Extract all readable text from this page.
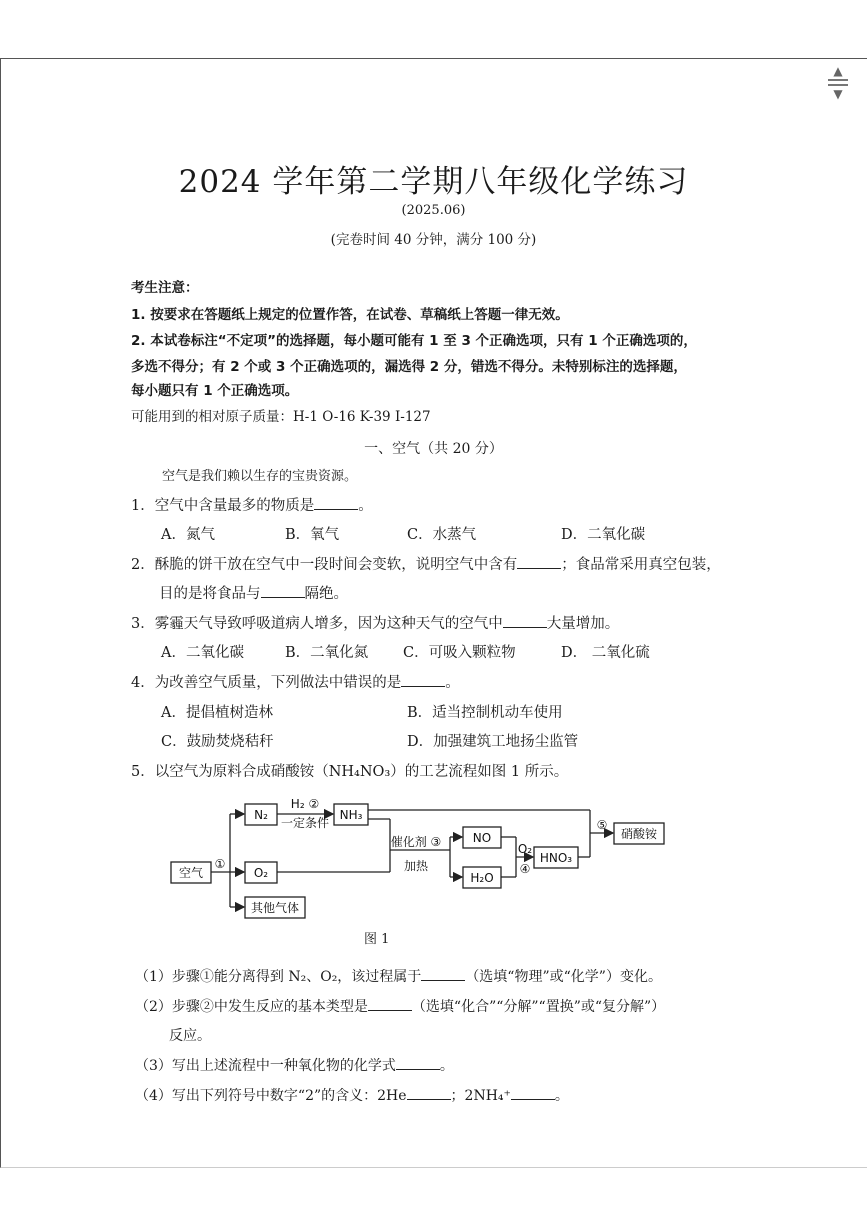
▲
▼
2024 学年第二学期八年级化学练习
(2025.06)
(完卷时间 40 分钟，满分 100 分)
考生注意：
1. 按要求在答题纸上规定的位置作答，在试卷、草稿纸上答题一律无效。
2. 本试卷标注“不定项”的选择题，每小题可能有 1 至 3 个正确选项，只有 1 个正确选项的，
多选不得分；有 2 个或 3 个正确选项的，漏选得 2 分，错选不得分。未特别标注的选择题，
每小题只有 1 个正确选项。
可能用到的相对原子质量：H-1 O-16 K-39 I-127
一、空气（共 20 分）
空气是我们赖以生存的宝贵资源。
1．空气中含量最多的物质是	。
A．氮气	B．氧气	C．水蒸气	D．二氧化碳
2．酥脆的饼干放在空气中一段时间会变软，说明空气中含有	；食品常采用真空包装，
目的是将食品与	隔绝。
3．雾霾天气导致呼吸道病人增多，因为这种天气的空气中	大量增加。
A．二氧化碳	B．二氧化氮 C．可吸入颗粒物	D． 二氧化硫
4．为改善空气质量，下列做法中错误的是	。
A．提倡植树造林	B．适当控制机动车使用
C．鼓励焚烧秸秆	D．加强建筑工地扬尘监管
5．以空气为原料合成硝酸铵（NH₄NO₃）的工艺流程如图 1 所示。
空气
N₂
O₂
其他气体
NH₃
NO
H₂O
HNO₃
硝酸铵
①
H₂ ②
一定条件
催化剂 ③
加热
O₂
④
⑤
图 1
（1）步骤①能分离得到 N₂、O₂，该过程属于	（选填“物理”或“化学”）变化。
（2）步骤②中发生反应的基本类型是	（选填“化合”“分解”“置换”或“复分解”）
反应。
（3）写出上述流程中一种氧化物的化学式	。
（4）写出下列符号中数字“2”的含义：2He	；2NH₄⁺	。
